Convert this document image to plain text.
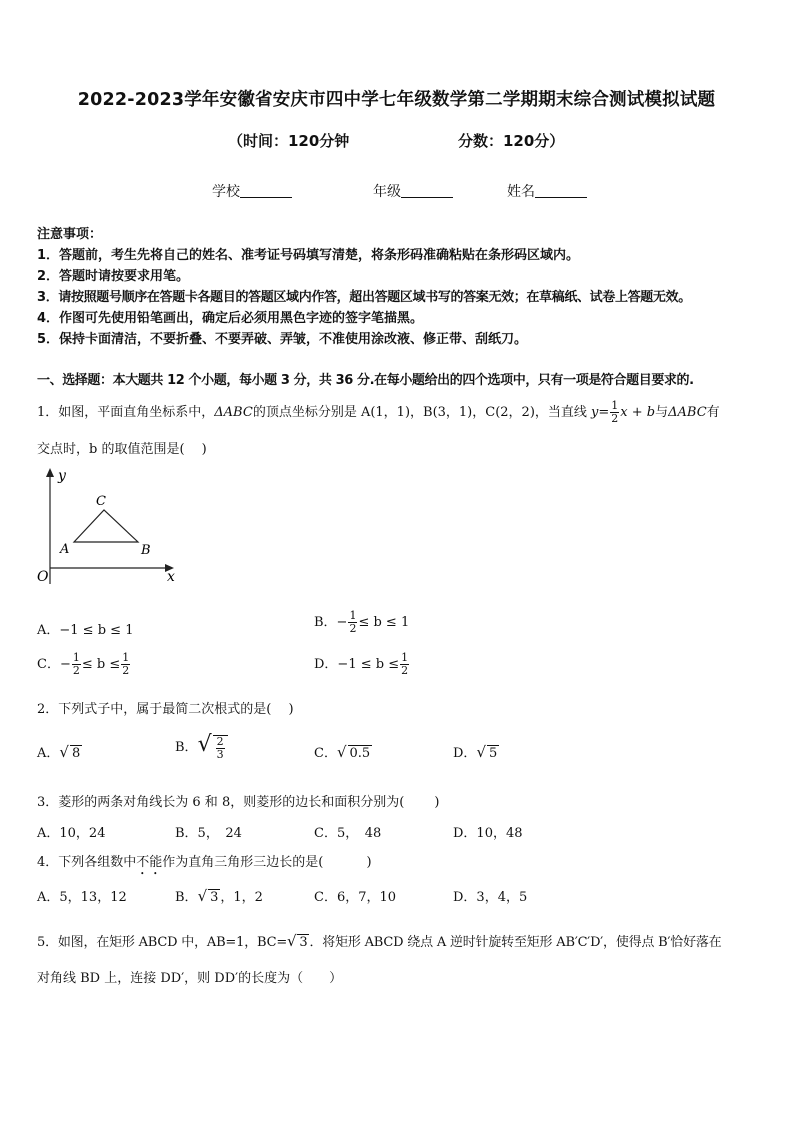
2022-2023学年安徽省安庆市四中学七年级数学第二学期期末综合测试模拟试题
（时间：120分钟	分数：120分）
学校	年级	姓名
注意事项：
1．答题前，考生先将自己的姓名、准考证号码填写清楚，将条形码准确粘贴在条形码区域内。
2．答题时请按要求用笔。
3．请按照题号顺序在答题卡各题目的答题区域内作答，超出答题区域书写的答案无效；在草稿纸、试卷上答题无效。
4．作图可先使用铅笔画出，确定后必须用黑色字迹的签字笔描黑。
5．保持卡面清洁，不要折叠、不要弄破、弄皱，不准使用涂改液、修正带、刮纸刀。
一、选择题：本大题共 12 个小题，每小题 3 分，共 36 分.在每小题给出的四个选项中，只有一项是符合题目要求的.
1．如图，平面直角坐标系中，ΔABC的顶点坐标分别是 A(1，1)，B(3，1)，C(2，2)，当直线 $y= \frac{1}{2}$ x + b与ΔABC有
交点时，b 的取值范围是(　 )
y
x
O
A	B
C
A．−1 ≤ b ≤ 1
B．− $\frac{1}{2} \le b \le 1$
C．− $\frac{1}{2} \le b \le \frac{1}{2}$	D．$-1 \le b \le \frac{1}{2}$
2．下列式子中，属于最简二次根式的是(　 )
A．√ 8	B．√ $\frac{2}{3}$	C．√ 0.5	D．√ 5
3．菱形的两条对角线长为 6 和 8，则菱形的边长和面积分别为(　　 )
A．10，24	B．5，　24	C．5，　48	D．10，48
4．下列各组数中不能作为直角三角形三边长的是(　　　 )
A．5，13，12	B．√ 3 ，1，2	C．6，7，10	D．3，4，5
5．如图，在矩形 ABCD 中，AB=1，BC=√ 3 ．将矩形 ABCD 绕点 A 逆时针旋转至矩形 AB′C′D′，使得点 B′恰好落在
对角线 BD 上，连接 DD′，则 DD′的长度为（　　）
